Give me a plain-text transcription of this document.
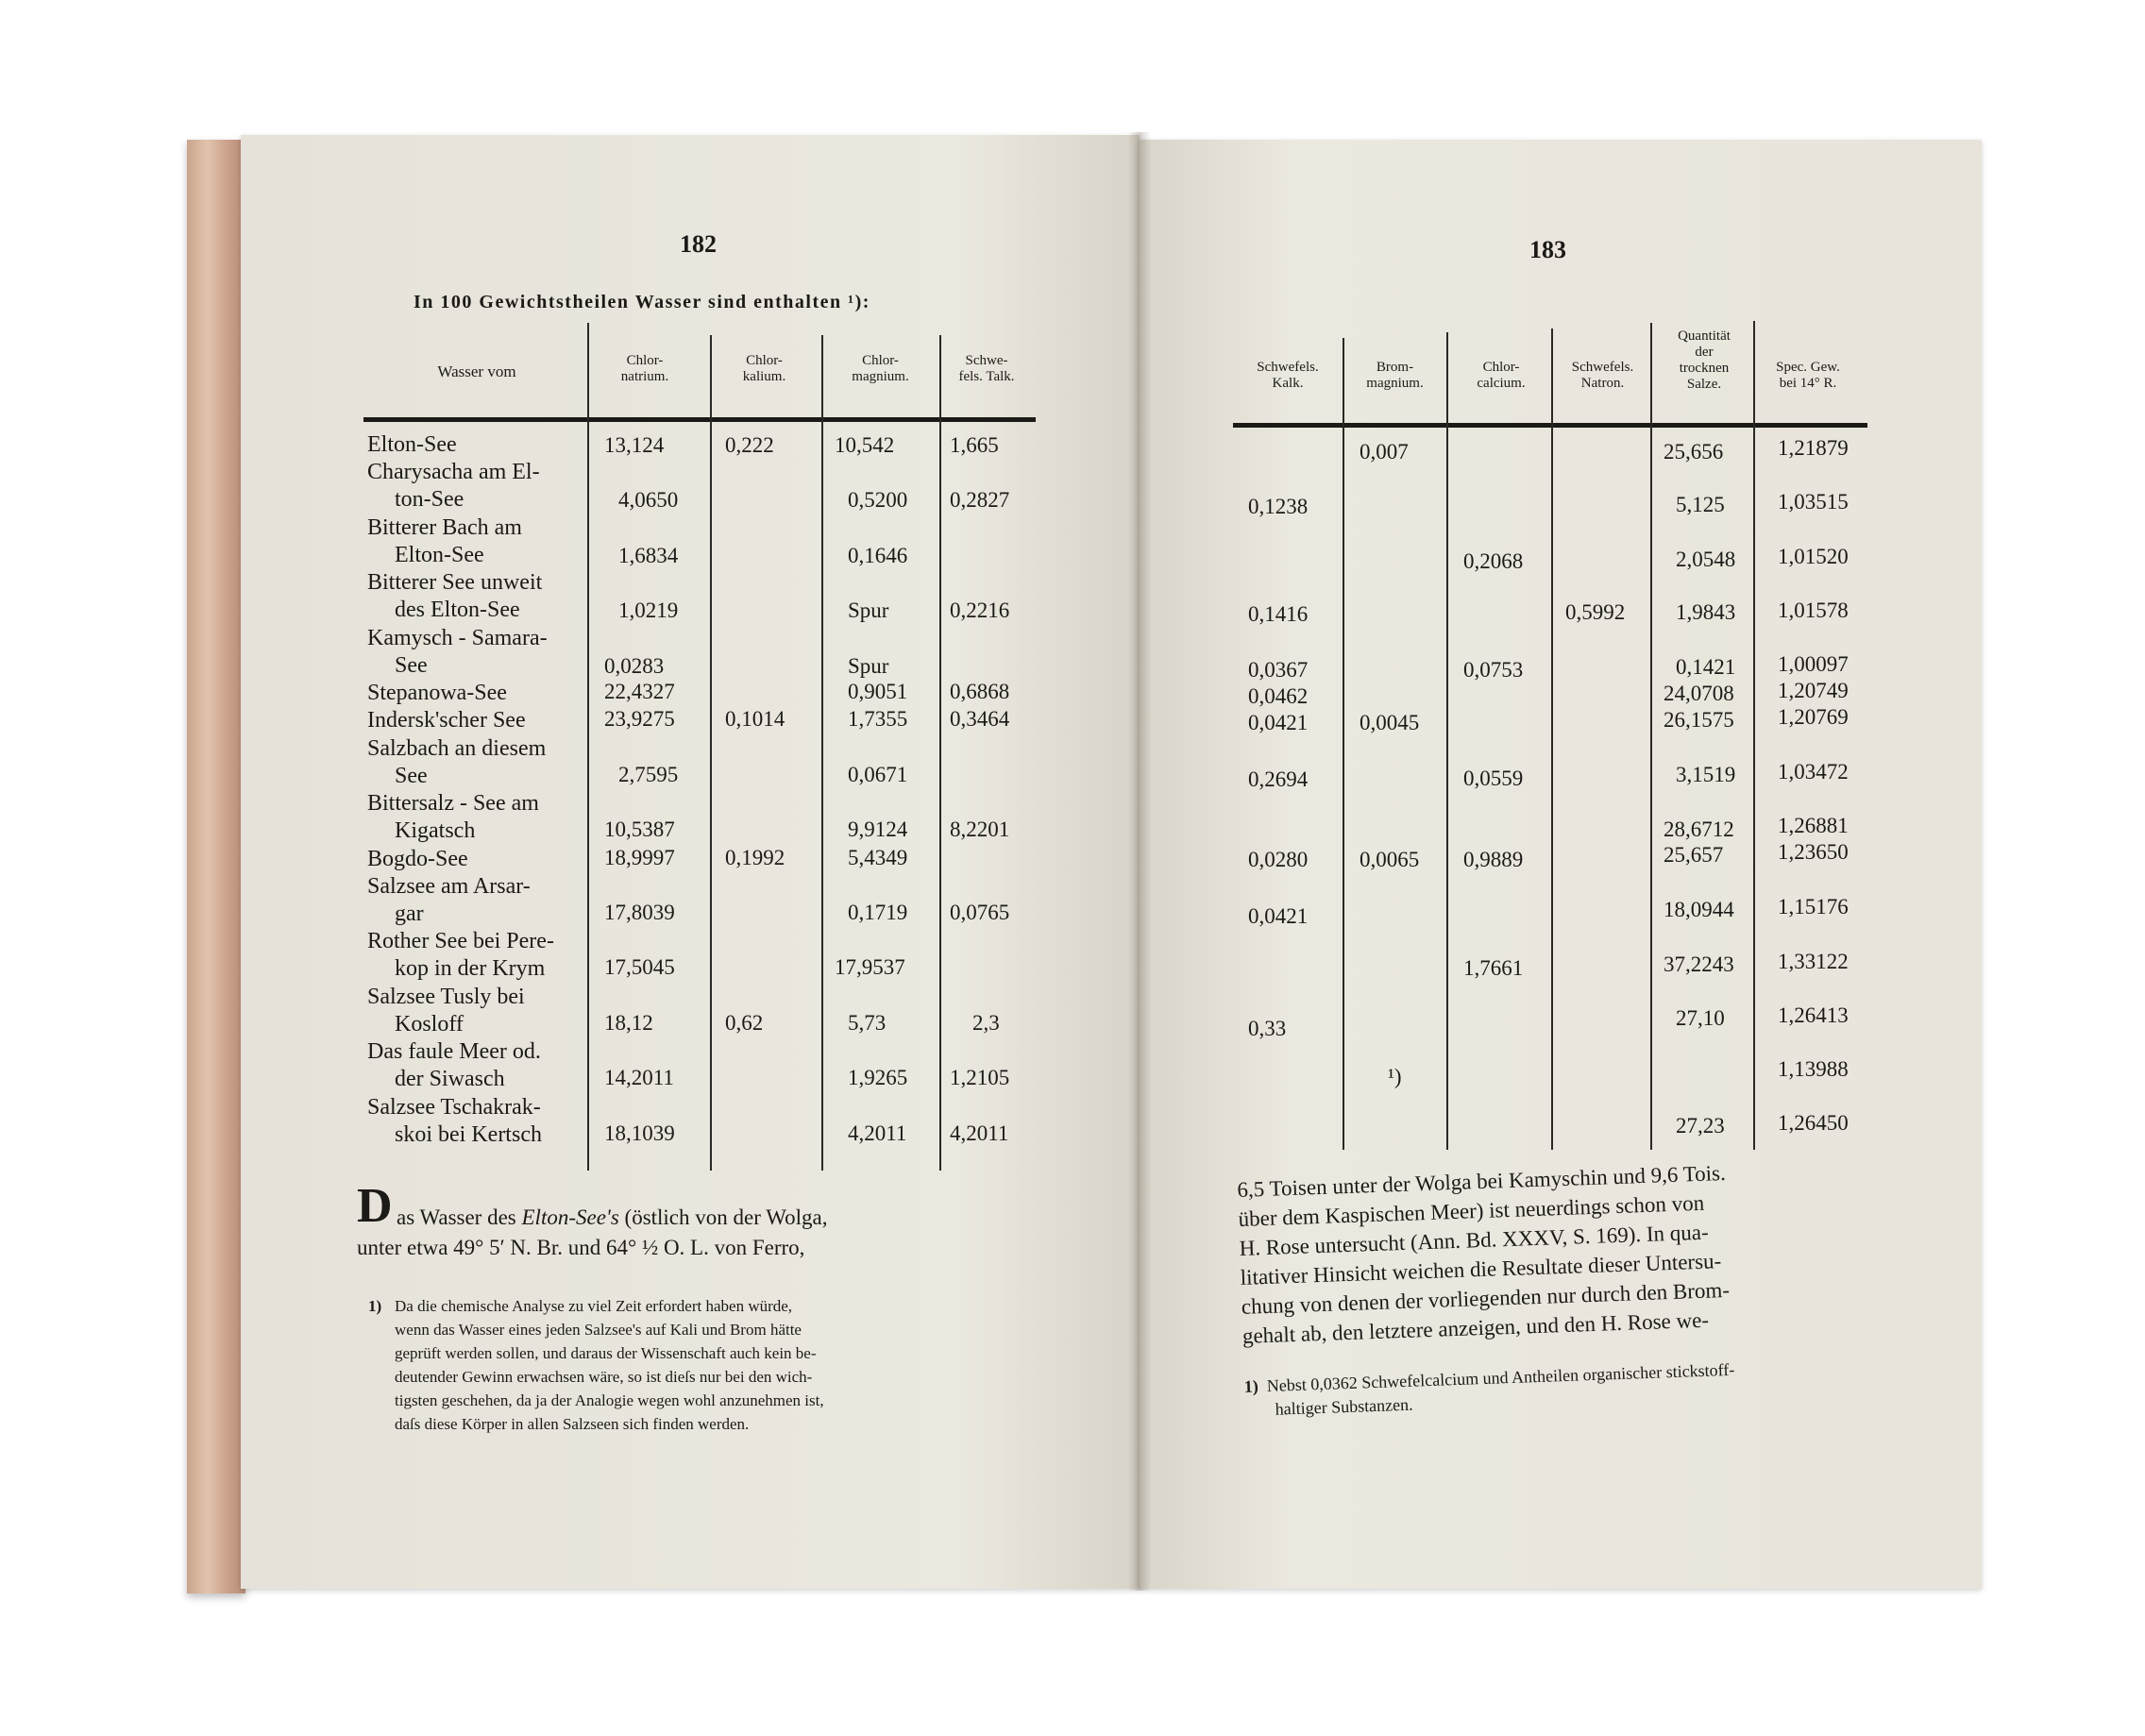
182
In 100 Gewichtstheilen Wasser sind enthalten ¹):
Wasser vom
Chlor-
natrium.
Chlor-
kalium.
Chlor-
magnium.
Schwe-
fels. Talk.
Elton-See
Charysacha am El-
ton-See
Bitterer Bach am
Elton-See
Bitterer See unweit
des Elton-See
Kamysch - Samara-
See
Stepanowa-See
Indersk'scher See
Salzbach an diesem
See
Bittersalz - See am
Kigatsch
Bogdo-See
Salzsee am Arsar-
gar
Rother See bei Pere-
kop in der Krym
Salzsee Tusly bei
Kosloff
Das faule Meer od.
der Siwasch
Salzsee Tschakrak-
skoi bei Kertsch
13,124
4,0650
1,6834
1,0219
0,0283
22,4327
23,9275
2,7595
10,5387
18,9997
17,8039
17,5045
18,12
14,2011
18,1039
0,222
0,1014
0,1992
0,62
10,542
0,5200
0,1646
Spur
Spur
0,9051
1,7355
0,0671
9,9124
5,4349
0,1719
17,9537
5,73
1,9265
4,2011
1,665
0,2827
0,2216
0,6868
0,3464
8,2201
0,0765
2,3
1,2105
4,2011
D as Wasser des Elton-See's (östlich von der Wolga,
unter etwa 49° 5′ N. Br. und 64° ½ O. L. von Ferro,
1) Da die chemische Analyse zu viel Zeit erfordert haben würde,
wenn das Wasser eines jeden Salzsee's auf Kali und Brom hätte
geprüft werden sollen, und daraus der Wissenschaft auch kein be-
deutender Gewinn erwachsen wäre, so ist dieſs nur bei den wich-
tigsten geschehen, da ja der Analogie wegen wohl anzunehmen ist,
daſs diese Körper in allen Salzseen sich finden werden.
183
Schwefels.
Kalk.
Brom-
magnium.
Chlor-
calcium.
Schwefels.
Natron.
Quantität
der
trocknen
Salze.
Spec. Gew.
bei 14° R.
0,1238
0,1416
0,0367
0,0462
0,0421
0,2694
0,0280
0,0421
0,33
0,007
0,0045
0,0065
¹)
0,2068
0,0753
0,0559
0,9889
1,7661
0,5992
25,656
5,125
2,0548
1,9843
0,1421
24,0708
26,1575
3,1519
28,6712
25,657
18,0944
37,2243
27,10
27,23
1,21879
1,03515
1,01520
1,01578
1,00097
1,20749
1,20769
1,03472
1,26881
1,23650
1,15176
1,33122
1,26413
1,13988
1,26450
6,5 Toisen unter der Wolga bei Kamyschin und 9,6 Tois.
über dem Kaspischen Meer) ist neuerdings schon von
H. Rose untersucht (Ann. Bd. XXXV, S. 169). In qua-
litativer Hinsicht weichen die Resultate dieser Untersu-
chung von denen der vorliegenden nur durch den Brom-
gehalt ab, den letztere anzeigen, und den H. Rose we-
1) Nebst 0,0362 Schwefelcalcium und Antheilen organischer stickstoff-
haltiger Substanzen.
